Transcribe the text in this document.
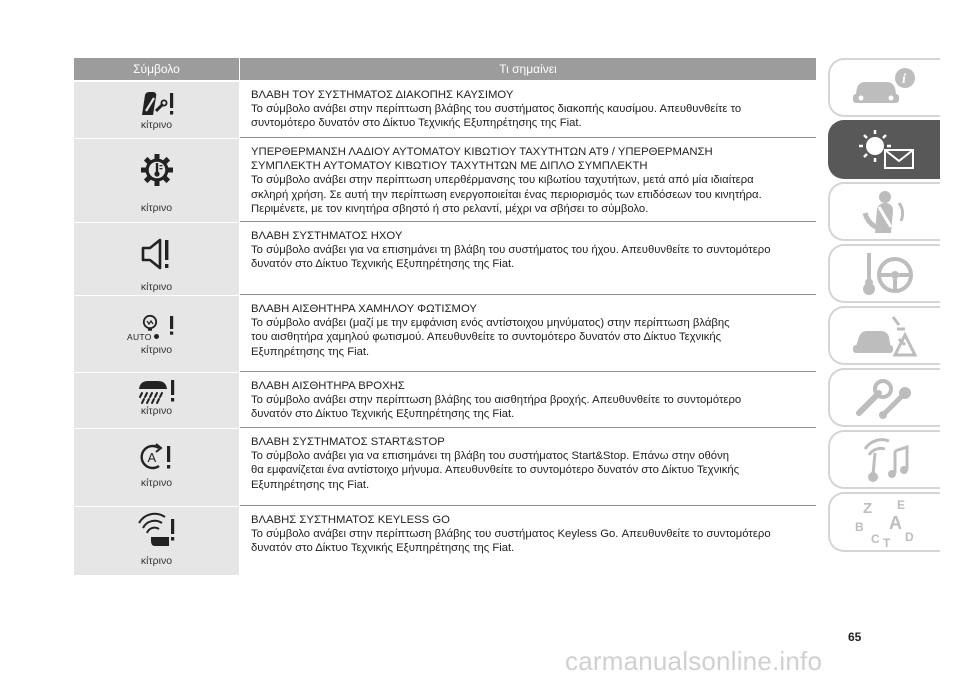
Σύμβολο	Τι σημαίνει
κίτρινο
ΒΛΑΒΗ ΤΟΥ ΣΥΣΤΗΜΑΤΟΣ ΔΙΑΚΟΠΗΣ ΚΑΥΣΙΜΟΥ
Το σύμβολο ανάβει στην περίπτωση βλάβης του συστήματος διακοπής καυσίμου. Απευθυνθείτε το
συντομότερο δυνατόν στο Δίκτυο Τεχνικής Εξυπηρέτησης της Fiat.
κίτρινο
ΥΠΕΡΘΕΡΜΑΝΣΗ ΛΑΔΙΟΥ ΑΥΤΟΜΑΤΟΥ ΚΙΒΩΤΙΟΥ ΤΑΧΥΤΗΤΩΝ ΑΤ9 / ΥΠΕΡΘΕΡΜΑΝΣΗ
ΣΥΜΠΛΕΚΤΗ ΑΥΤΟΜΑΤΟΥ ΚΙΒΩΤΙΟΥ ΤΑΧΥΤΗΤΩΝ ΜΕ ΔΙΠΛΟ ΣΥΜΠΛΕΚΤΗ
Το σύμβολο ανάβει στην περίπτωση υπερθέρμανσης του κιβωτίου ταχυτήτων, μετά από μία ιδιαίτερα
σκληρή χρήση. Σε αυτή την περίπτωση ενεργοποιείται ένας περιορισμός των επιδόσεων του κινητήρα.
Περιμένετε, με τον κινητήρα σβηστό ή στο ρελαντί, μέχρι να σβήσει το σύμβολο.
κίτρινο
ΒΛΑΒΗ ΣΥΣΤΗΜΑΤΟΣ ΗΧΟΥ
Το σύμβολο ανάβει για να επισημάνει τη βλάβη του συστήματος του ήχου. Απευθυνθείτε το συντομότερο
δυνατόν στο Δίκτυο Τεχνικής Εξυπηρέτησης της Fiat.
AUTO
κίτρινο
ΒΛΑΒΗ ΑΙΣΘΗΤΗΡΑ ΧΑΜΗΛΟΥ ΦΩΤΙΣΜΟΥ
Το σύμβολο ανάβει (μαζί με την εμφάνιση ενός αντίστοιχου μηνύματος) στην περίπτωση βλάβης
του αισθητήρα χαμηλού φωτισμού. Απευθυνθείτε το συντομότερο δυνατόν στο Δίκτυο Τεχνικής
Εξυπηρέτησης της Fiat.
κίτρινο
ΒΛΑΒΗ ΑΙΣΘΗΤΗΡΑ ΒΡΟΧΗΣ
Το σύμβολο ανάβει στην περίπτωση βλάβης του αισθητήρα βροχής. Απευθυνθείτε το συντομότερο
δυνατόν στο Δίκτυο Τεχνικής Εξυπηρέτησης της Fiat.
A
κίτρινο
ΒΛΑΒΗ ΣΥΣΤΗΜΑΤΟΣ START&STOP
Το σύμβολο ανάβει για να επισημάνει τη βλάβη του συστήματος Start&Stop. Επάνω στην οθόνη
θα εμφανίζεται ένα αντίστοιχο μήνυμα. Απευθυνθείτε το συντομότερο δυνατόν στο Δίκτυο Τεχνικής
Εξυπηρέτησης της Fiat.
κίτρινο
ΒΛΑΒΗΣ ΣΥΣΤΗΜΑΤΟΣ KEYLESS GO
Το σύμβολο ανάβει στην περίπτωση βλάβης του συστήματος Keyless Go. Απευθυνθείτε το συντομότερο
δυνατόν στο Δίκτυο Τεχνικής Εξυπηρέτησης της Fiat.
i
Z E
B A
C T D
65
carmanualsonline.info
